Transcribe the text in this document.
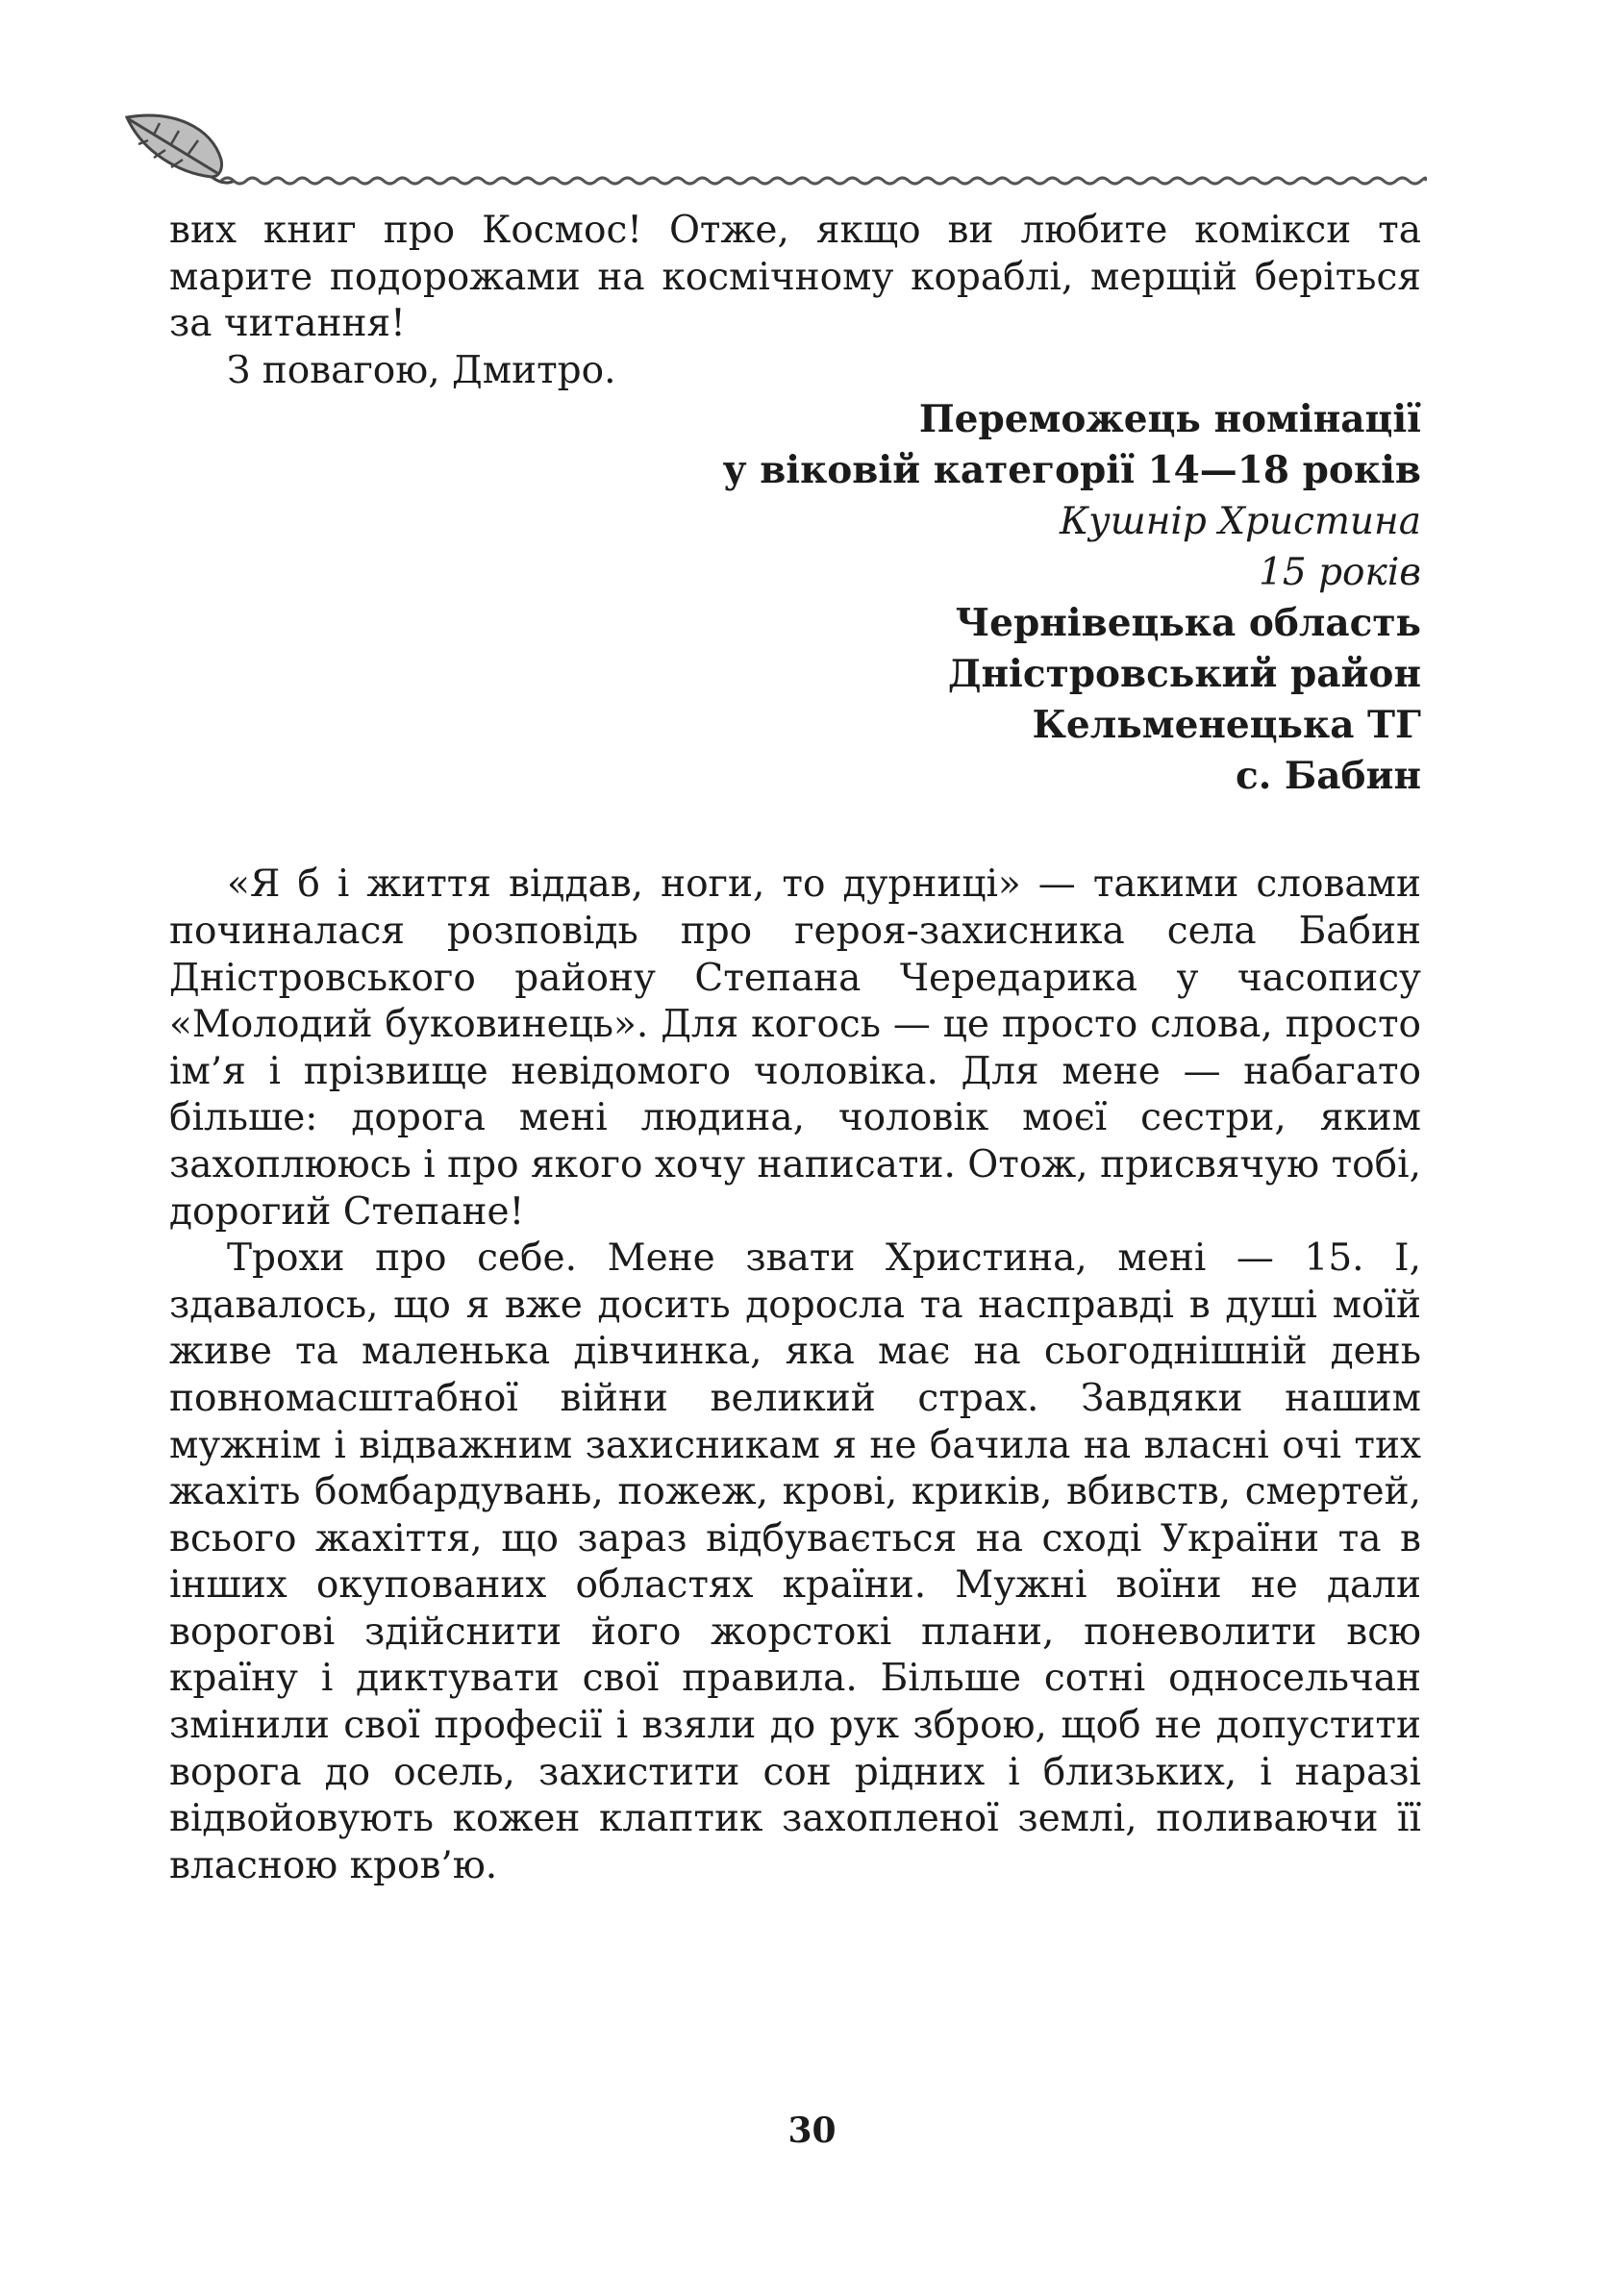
вих книг про Космос! Отже, якщо ви любите комікси та марите подорожами на космічному кораблі, мерщій беріться за читання!

З повагою, Дмитро.

Переможець номінації
у віковій категорії 14—18 років
Кушнір Христина
15 років
Чернівецька область
Дністровський район
Кельменецька ТГ
с. Бабин

«Я б і життя віддав, ноги, то дурниці» — такими словами починалася розповідь про героя-захисника села Бабин Дністровського району Степана Чередарика у часопису «Молодий буковинець». Для когось — це просто слова, просто ім’я і прізвище невідомого чоловіка. Для мене — набагато більше: дорога мені людина, чоловік моєї сестри, яким захоплююсь і про якого хочу написати. Отож, присвячую тобі, дорогий Степане!

Трохи про себе. Мене звати Христина, мені — 15. І, здавалось, що я вже досить доросла та насправді в душі моїй живе та маленька дівчинка, яка має на сьогоднішній день повномасштабної війни великий страх. Завдяки нашим мужнім і відважним захисникам я не бачила на власні очі тих жахіть бомбардувань, пожеж, крові, криків, вбивств, смертей, всього жахіття, що зараз відбувається на сході України та в інших окупованих областях країни. Мужні воїни не дали ворогові здійснити його жорстокі плани, поневолити всю країну і диктувати свої правила. Більше сотні односельчан змінили свої професії і взяли до рук зброю, щоб не допустити ворога до осель, захистити сон рідних і близьких, і наразі відвойовують кожен клаптик захопленої землі, поливаючи її власною кров’ю.

30
